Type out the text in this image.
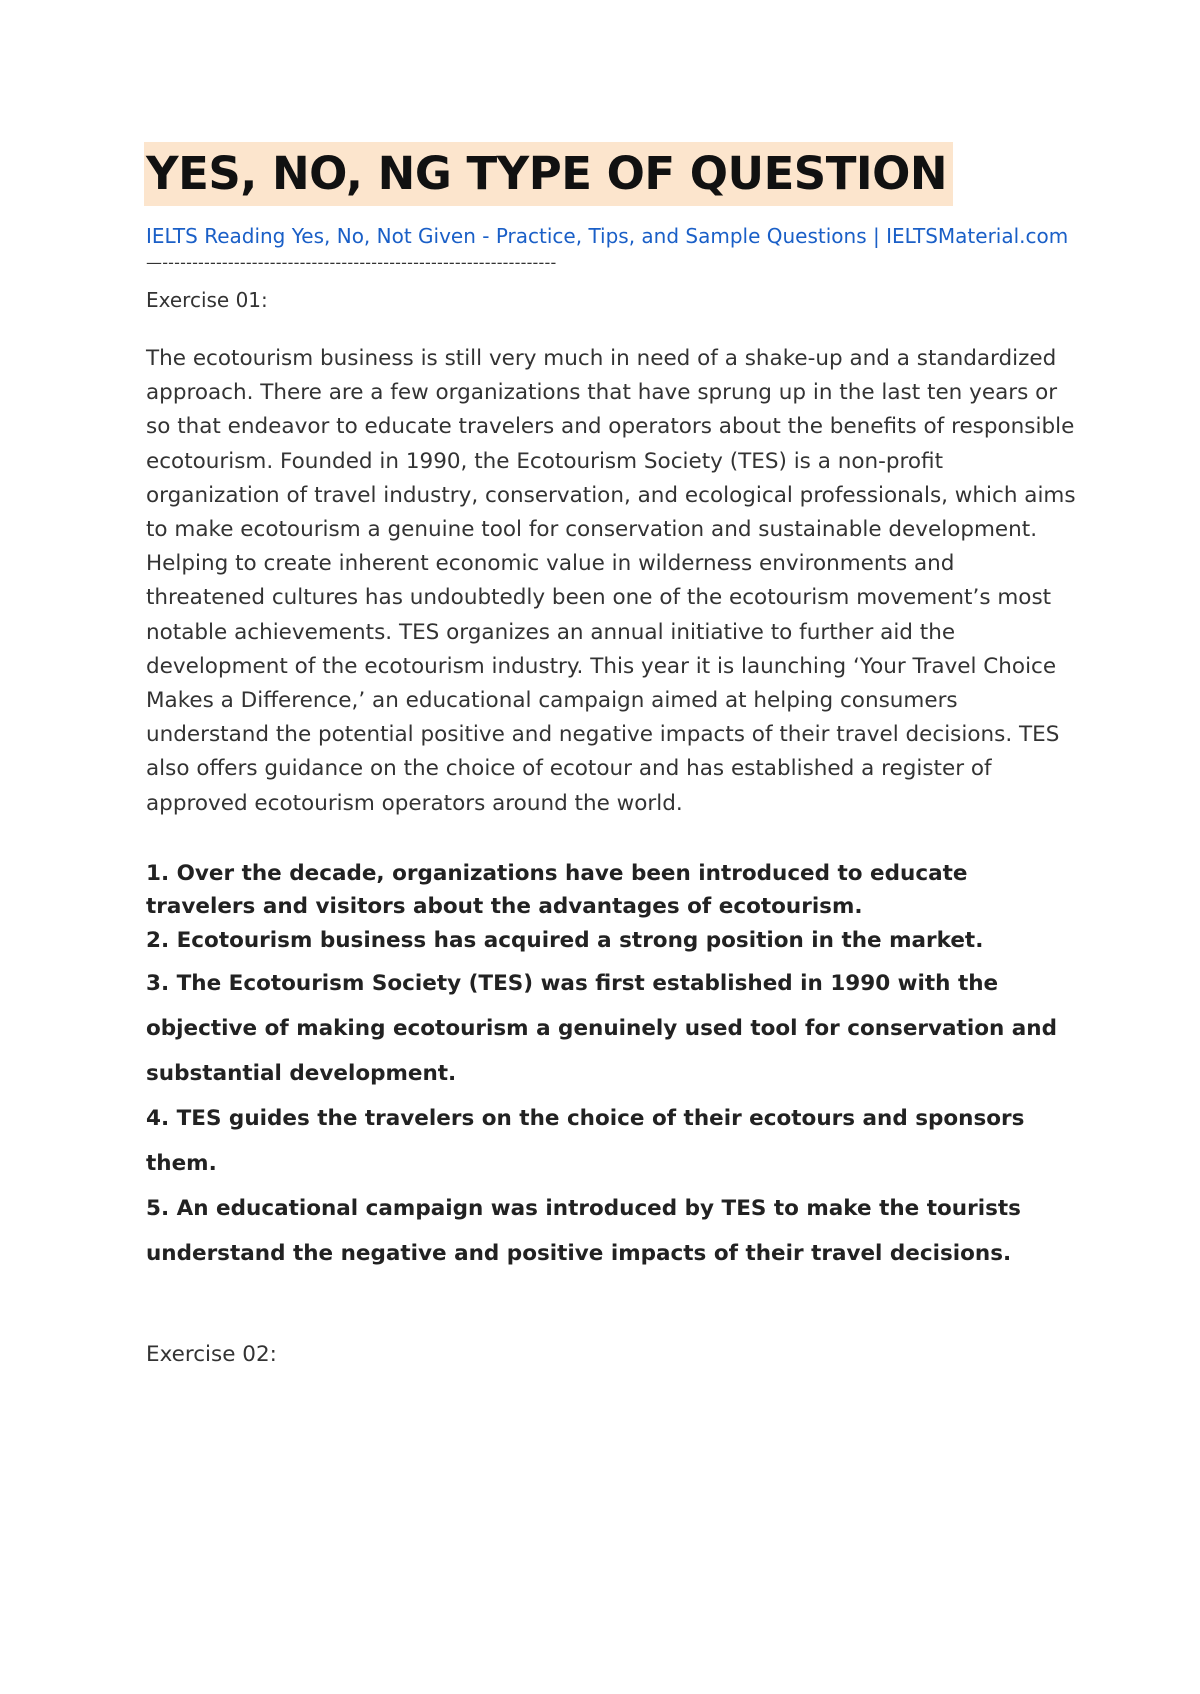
YES, NO, NG TYPE OF QUESTION
IELTS Reading Yes, No, Not Given - Practice, Tips, and Sample Questions | IELTSMaterial.com
—------------------------------------------------------------------
Exercise 01:

The ecotourism business is still very much in need of a shake-up and a standardized approach. There are a few organizations that have sprung up in the last ten years or so that endeavor to educate travelers and operators about the benefits of responsible ecotourism. Founded in 1990, the Ecotourism Society (TES) is a non-profit organization of travel industry, conservation, and ecological professionals, which aims to make ecotourism a genuine tool for conservation and sustainable development. Helping to create inherent economic value in wilderness environments and threatened cultures has undoubtedly been one of the ecotourism movement’s most notable achievements. TES organizes an annual initiative to further aid the development of the ecotourism industry. This year it is launching ‘Your Travel Choice Makes a Difference,’ an educational campaign aimed at helping consumers understand the potential positive and negative impacts of their travel decisions. TES also offers guidance on the choice of ecotour and has established a register of approved ecotourism operators around the world.

1. Over the decade, organizations have been introduced to educate travelers and visitors about the advantages of ecotourism.
2. Ecotourism business has acquired a strong position in the market.
3. The Ecotourism Society (TES) was first established in 1990 with the objective of making ecotourism a genuinely used tool for conservation and substantial development.
4. TES guides the travelers on the choice of their ecotours and sponsors them.
5. An educational campaign was introduced by TES to make the tourists understand the negative and positive impacts of their travel decisions.
Exercise 02:
